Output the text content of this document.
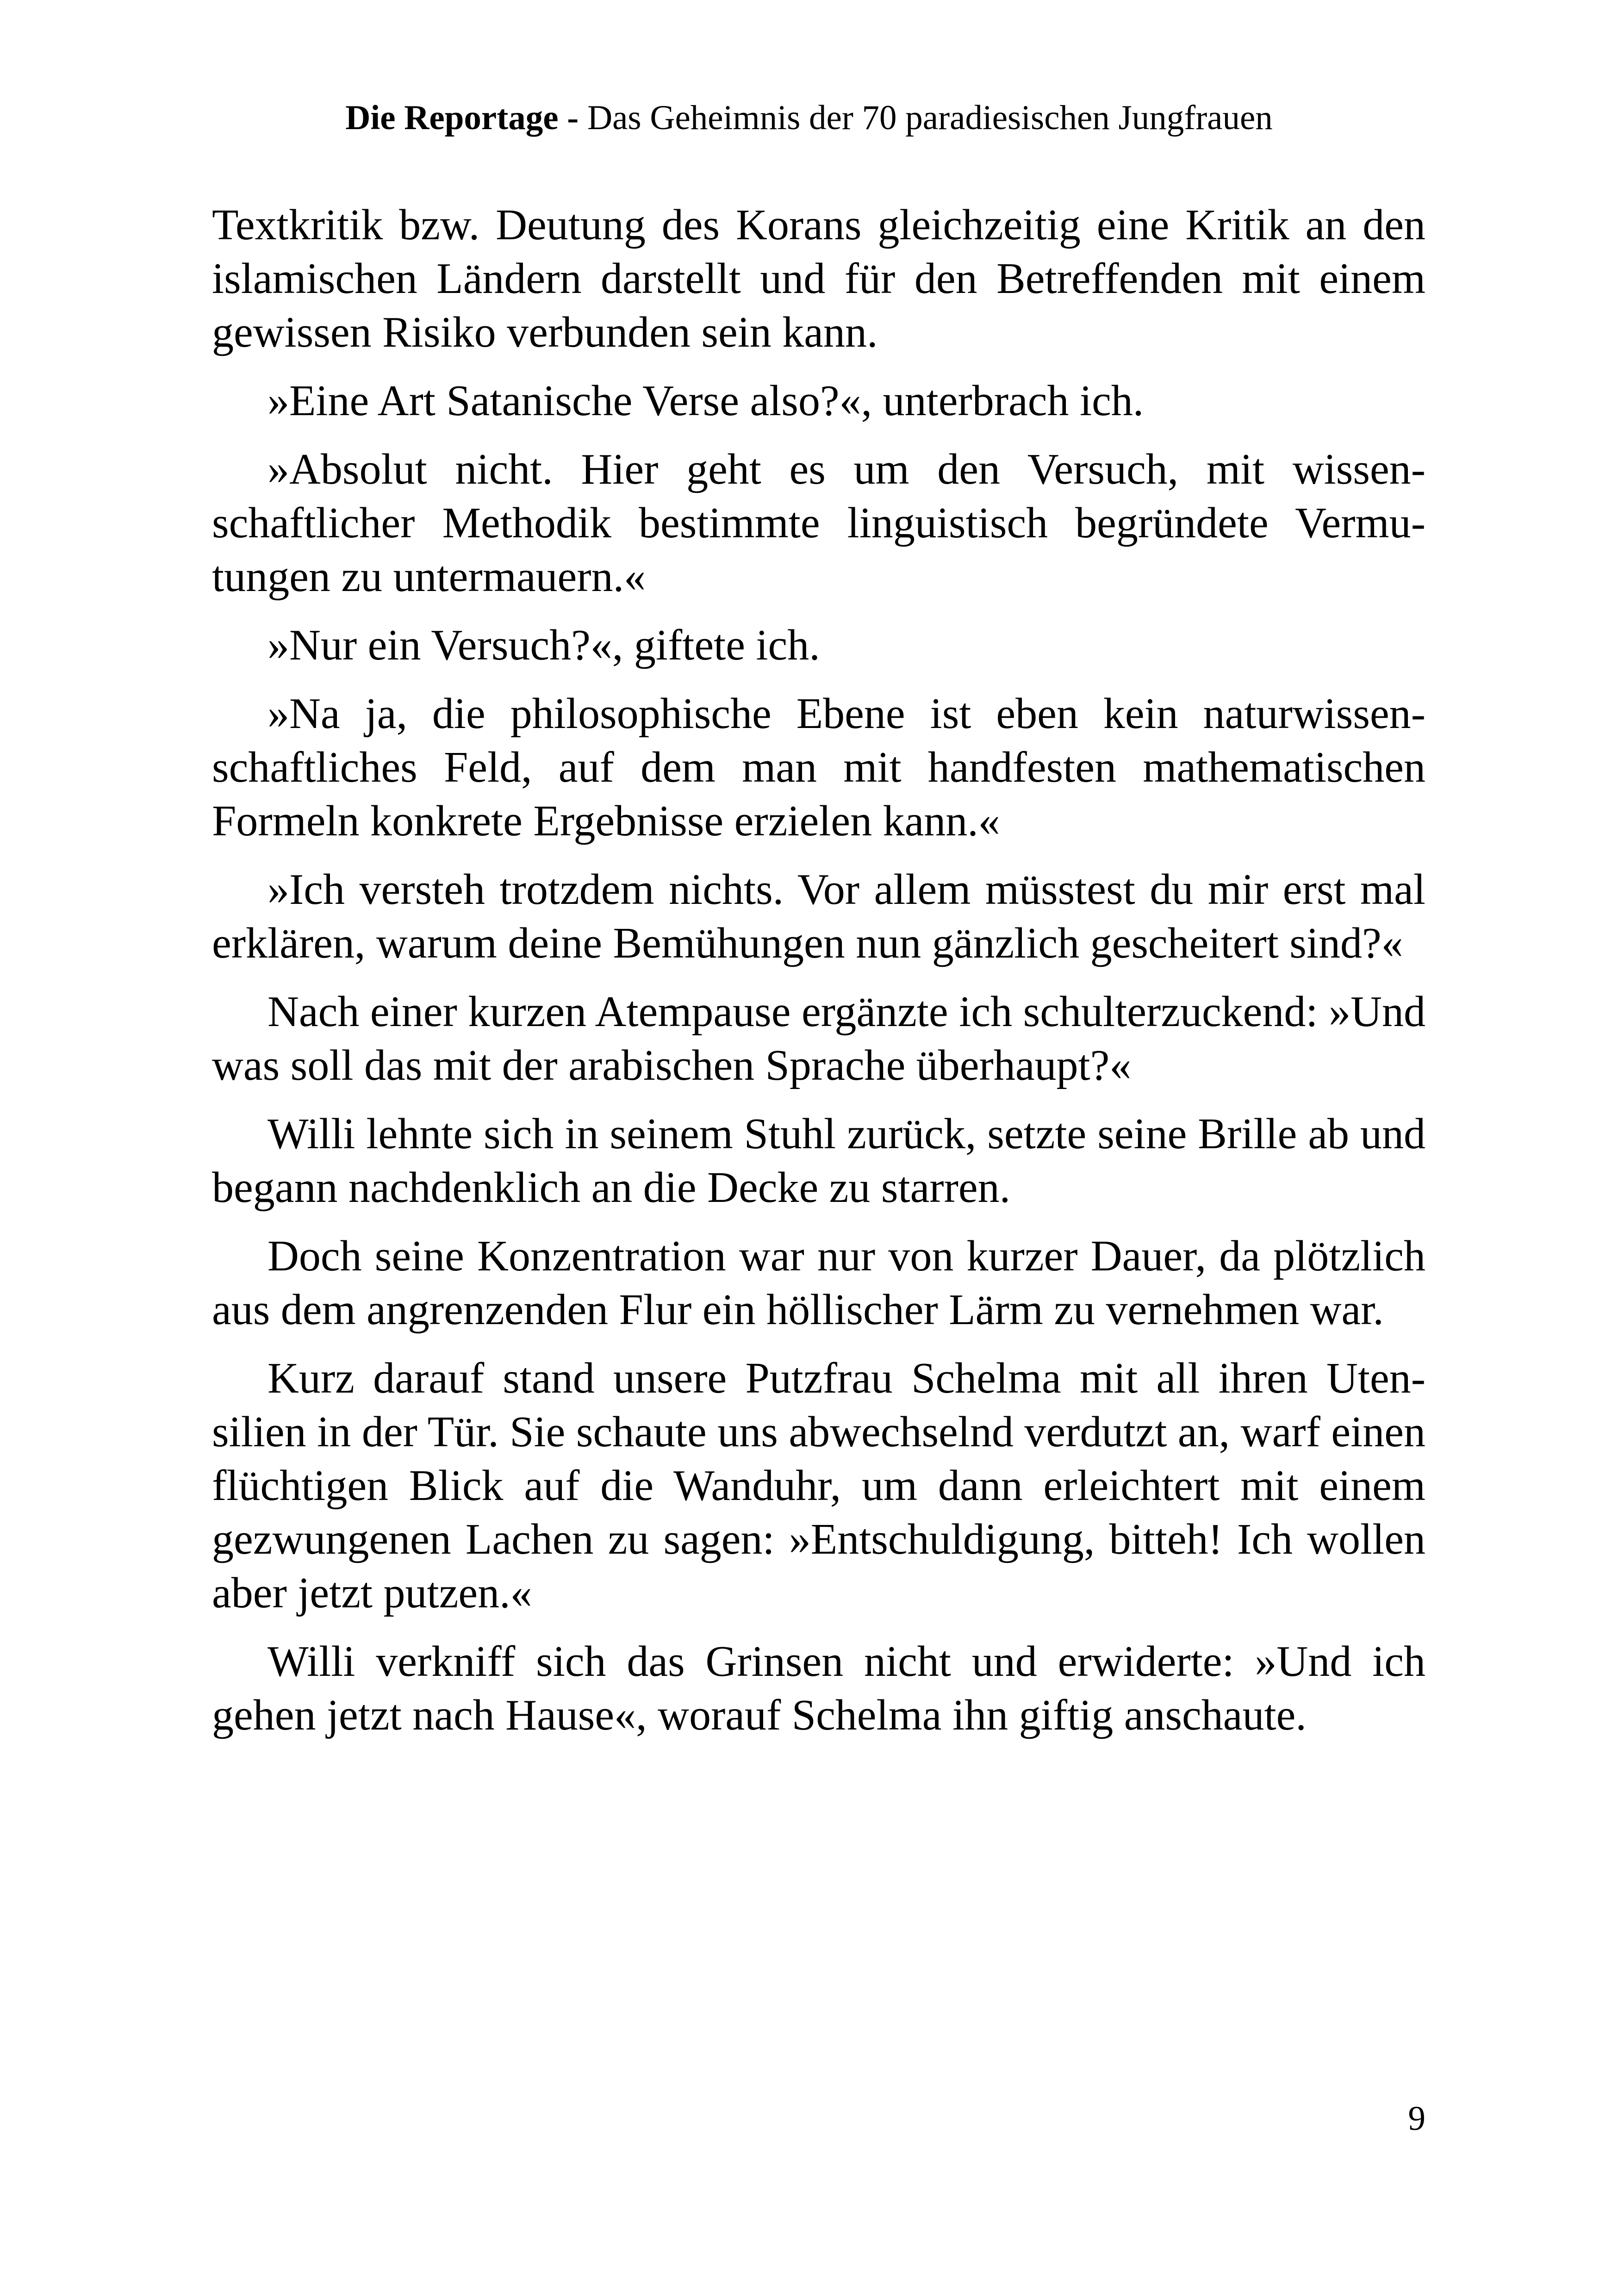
Die Reportage - Das Geheimnis der 70 paradiesischen Jungfrauen

Textkritik bzw. Deutung des Korans gleichzeitig eine Kritik an den islamischen Ländern darstellt und für den Betreffenden mit einem gewissen Risiko verbunden sein kann.

»Eine Art Satanische Verse also?«, unterbrach ich.

»Absolut nicht. Hier geht es um den Versuch, mit wissenschaftlicher Methodik bestimmte linguistisch begründete Vermutungen zu untermauern.«

»Nur ein Versuch?«, giftete ich.

»Na ja, die philosophische Ebene ist eben kein naturwissenschaftliches Feld, auf dem man mit handfesten mathematischen Formeln konkrete Ergebnisse erzielen kann.«

»Ich versteh trotzdem nichts. Vor allem müsstest du mir erst mal erklären, warum deine Bemühungen nun gänzlich gescheitert sind?«

Nach einer kurzen Atempause ergänzte ich schulterzuckend: »Und was soll das mit der arabischen Sprache überhaupt?«

Willi lehnte sich in seinem Stuhl zurück, setzte seine Brille ab und begann nachdenklich an die Decke zu starren.

Doch seine Konzentration war nur von kurzer Dauer, da plötzlich aus dem angrenzenden Flur ein höllischer Lärm zu vernehmen war.

Kurz darauf stand unsere Putzfrau Schelma mit all ihren Utensilien in der Tür. Sie schaute uns abwechselnd verdutzt an, warf einen flüchtigen Blick auf die Wanduhr, um dann erleichtert mit einem gezwungenen Lachen zu sagen: »Entschuldigung, bitteh! Ich wollen aber jetzt putzen.«

Willi verkniff sich das Grinsen nicht und erwiderte: »Und ich gehen jetzt nach Hause«, worauf Schelma ihn giftig anschaute.

9
